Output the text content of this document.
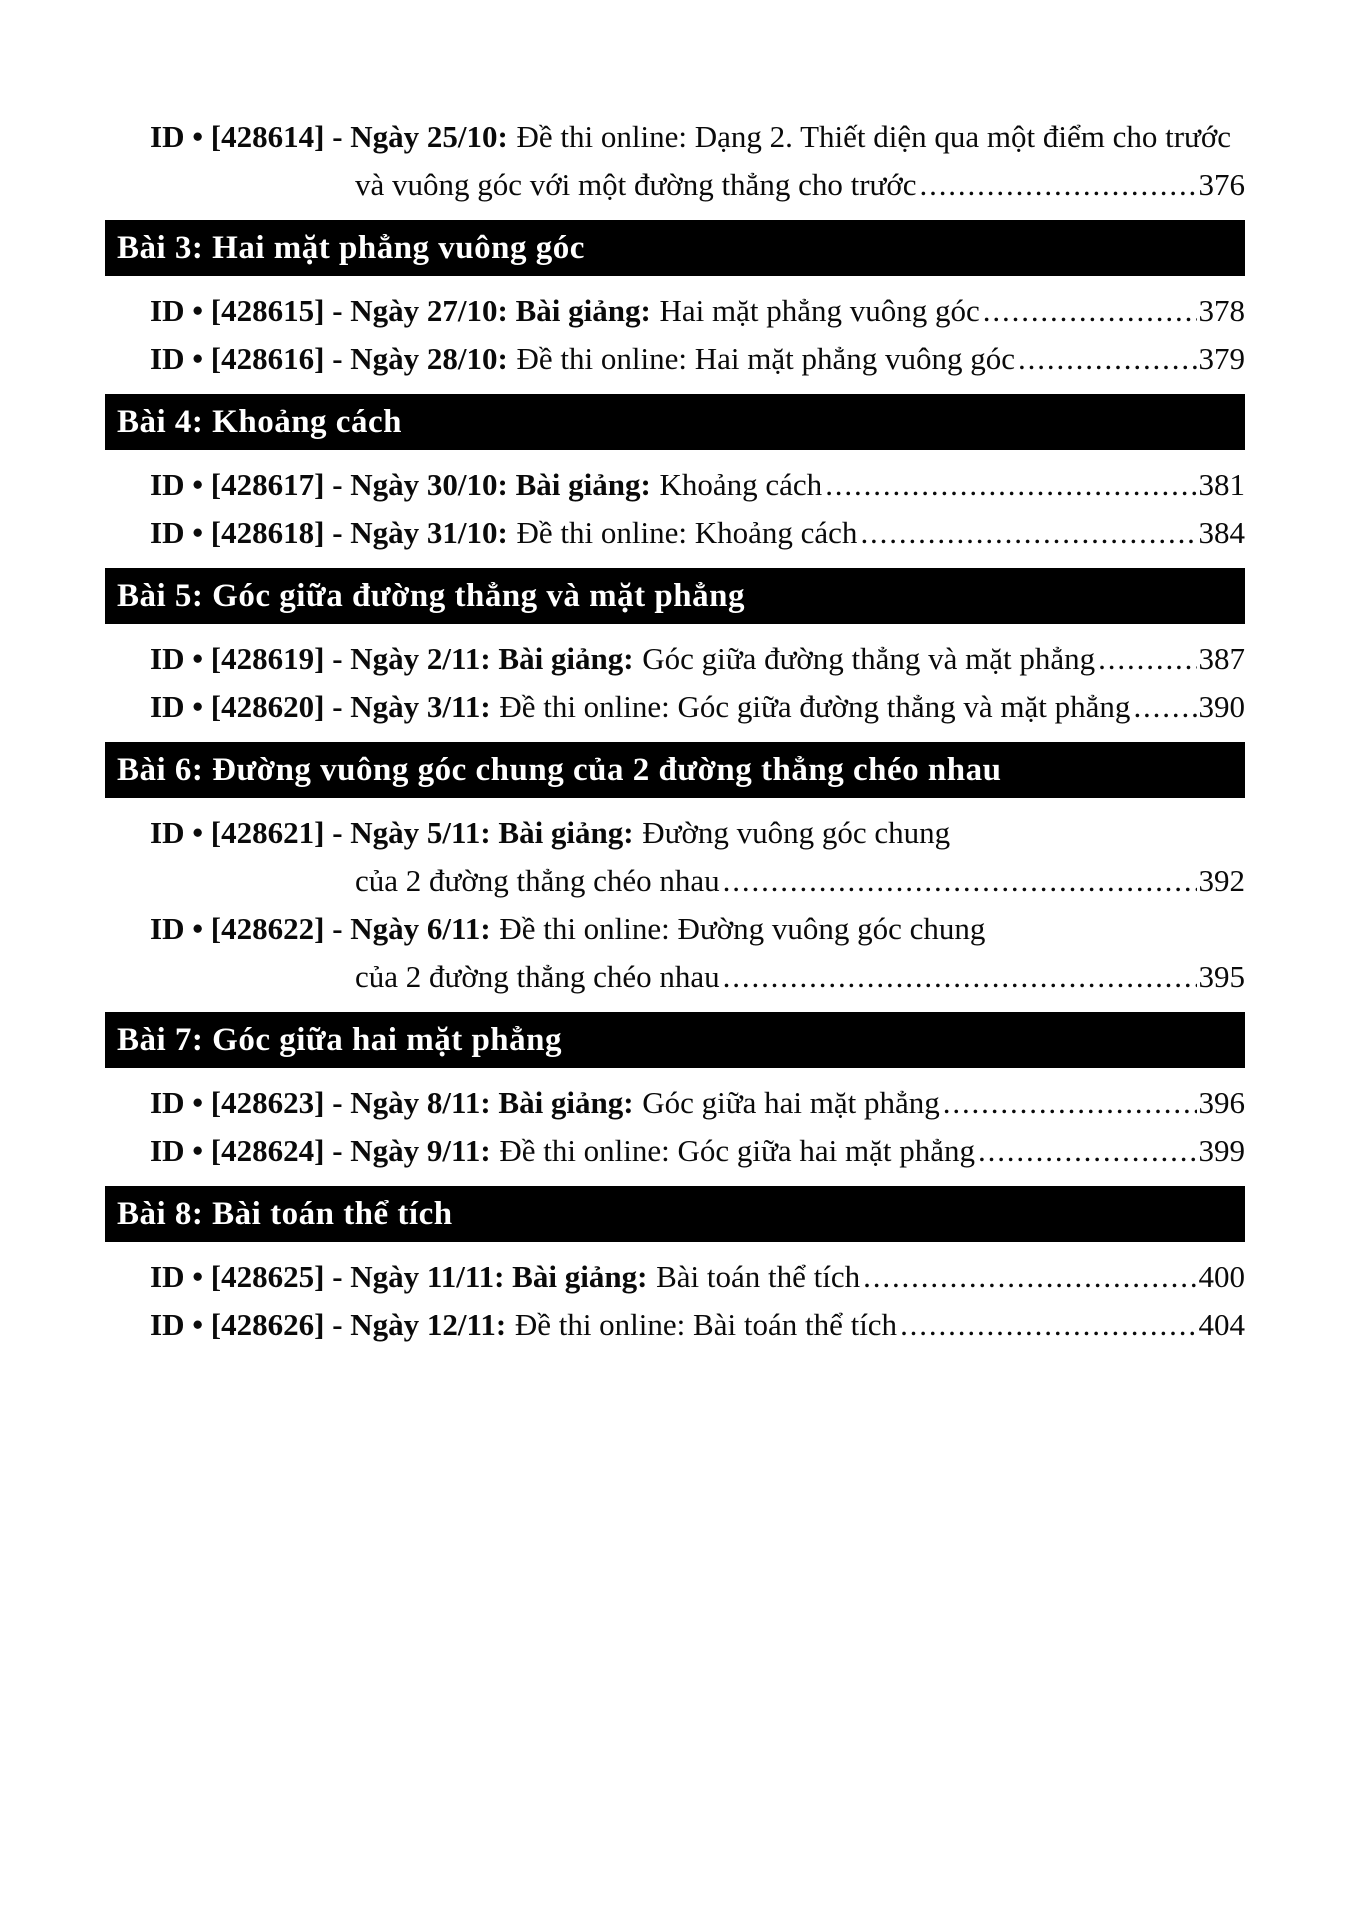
ID • [428614] - Ngày 25/10: Đề thi online: Dạng 2. Thiết diện qua một điểm cho trước
và vuông góc với một đường thẳng cho trước .....	376
Bài 3: Hai mặt phẳng vuông góc
ID • [428615] - Ngày 27/10: Bài giảng: Hai mặt phẳng vuông góc .....	378
ID • [428616] - Ngày 28/10: Đề thi online: Hai mặt phẳng vuông góc .....	379
Bài 4: Khoảng cách
ID • [428617] - Ngày 30/10: Bài giảng: Khoảng cách .....	381
ID • [428618] - Ngày 31/10: Đề thi online: Khoảng cách .....	384
Bài 5: Góc giữa đường thẳng và mặt phẳng
ID • [428619] - Ngày 2/11: Bài giảng: Góc giữa đường thẳng và mặt phẳng .....	387
ID • [428620] - Ngày 3/11: Đề thi online: Góc giữa đường thẳng và mặt phẳng ..... 390
Bài 6: Đường vuông góc chung của 2 đường thẳng chéo nhau
ID • [428621] - Ngày 5/11: Bài giảng: Đường vuông góc chung
của 2 đường thẳng chéo nhau .....	392
ID • [428622] - Ngày 6/11: Đề thi online: Đường vuông góc chung
của 2 đường thẳng chéo nhau .....	395
Bài 7: Góc giữa hai mặt phẳng
ID • [428623] - Ngày 8/11: Bài giảng: Góc giữa hai mặt phẳng .....	396
ID • [428624] - Ngày 9/11: Đề thi online: Góc giữa hai mặt phẳng .....	399
Bài 8: Bài toán thể tích
ID • [428625] - Ngày 11/11: Bài giảng: Bài toán thể tích .....	400
ID • [428626] - Ngày 12/11: Đề thi online: Bài toán thể tích .....	404
